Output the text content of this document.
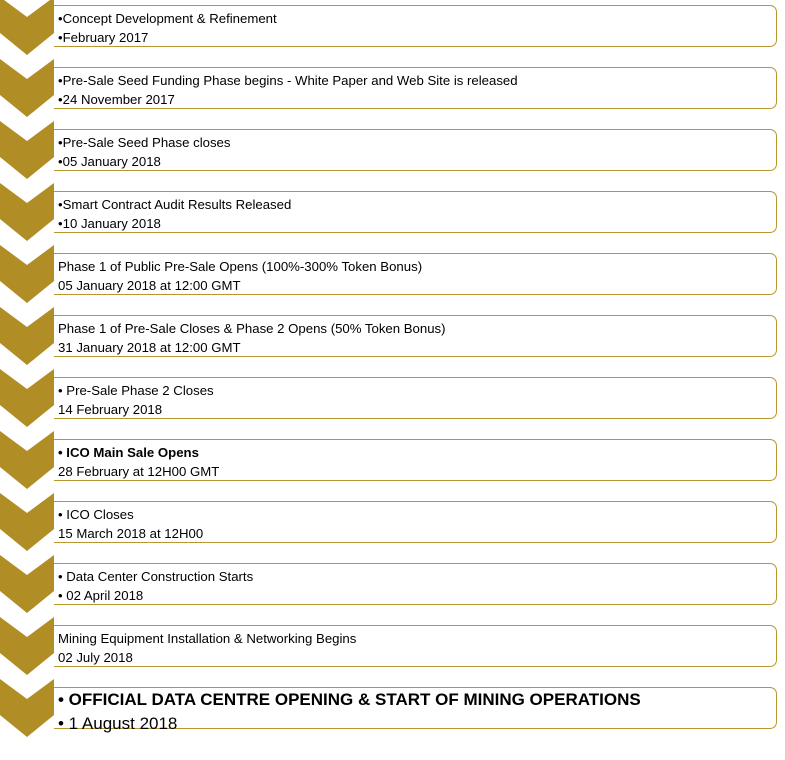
•Concept Development & Refinement
•February 2017
•Pre-Sale Seed Funding Phase begins - White Paper and Web Site is released
•24 November 2017
•Pre-Sale Seed Phase closes
•05 January 2018
•Smart Contract Audit Results Released
•10 January 2018
Phase 1 of Public Pre-Sale Opens (100%-300% Token Bonus)
05 January 2018 at 12:00 GMT
Phase 1 of Pre-Sale Closes & Phase 2 Opens (50% Token Bonus)
31 January 2018 at 12:00 GMT
• Pre-Sale Phase 2 Closes
14 February 2018
• ICO Main Sale Opens
28 February at 12H00 GMT
• ICO Closes
15 March 2018 at 12H00
• Data Center Construction Starts
• 02 April 2018
Mining Equipment Installation & Networking Begins
02 July 2018
• OFFICIAL DATA CENTRE OPENING & START OF MINING OPERATIONS
• 1 August 2018
